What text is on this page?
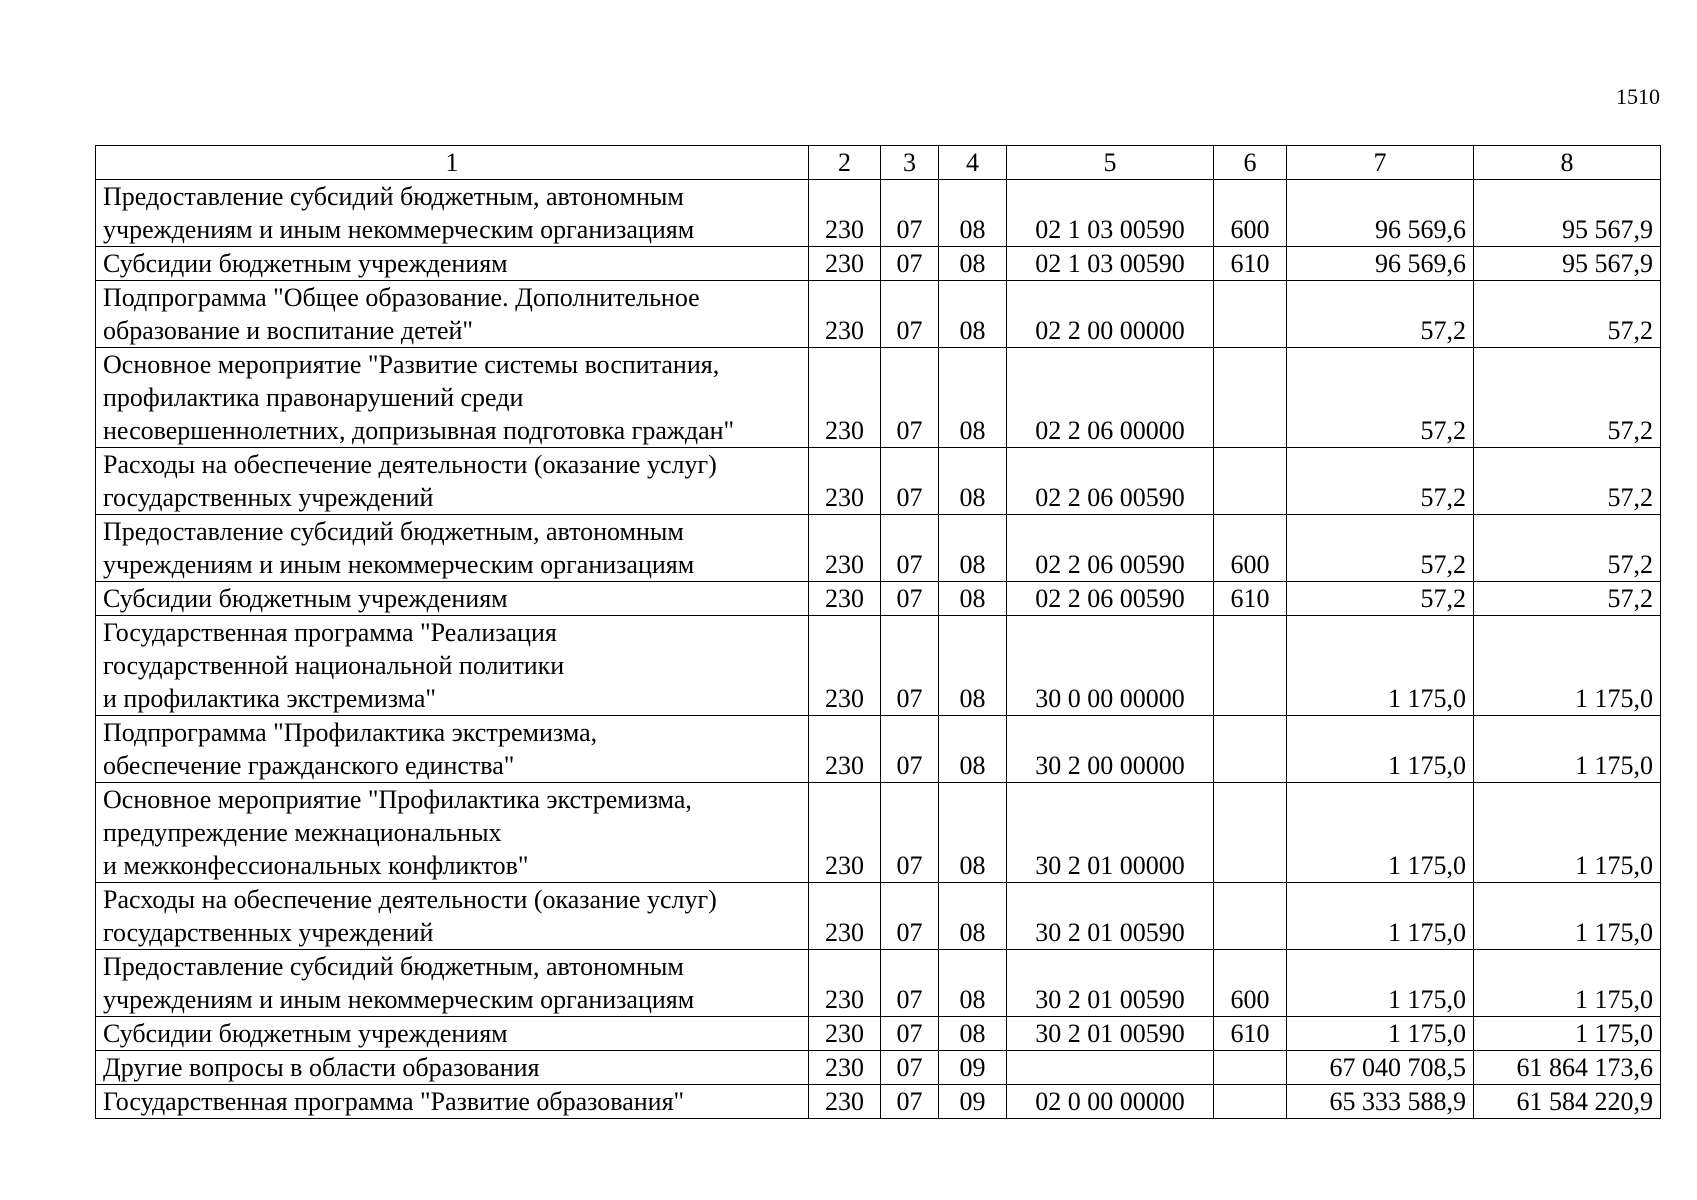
1510
1	2	3	4	5	6	7	8
Предоставление субсидий бюджетным, автономным
учреждениям и иным некоммерческим организациям	230	07	08	02 1 03 00590	600	96 569,6	95 567,9
Субсидии бюджетным учреждениям	230	07	08	02 1 03 00590	610	96 569,6	95 567,9
Подпрограмма "Общее образование. Дополнительное
образование и воспитание детей"	230	07	08	02 2 00 00000		57,2	57,2
Основное мероприятие "Развитие системы воспитания,
профилактика правонарушений среди
несовершеннолетних, допризывная подготовка граждан"	230	07	08	02 2 06 00000		57,2	57,2
Расходы на обеспечение деятельности (оказание услуг)
государственных учреждений	230	07	08	02 2 06 00590		57,2	57,2
Предоставление субсидий бюджетным, автономным
учреждениям и иным некоммерческим организациям	230	07	08	02 2 06 00590	600	57,2	57,2
Субсидии бюджетным учреждениям	230	07	08	02 2 06 00590	610	57,2	57,2
Государственная программа "Реализация
государственной национальной политики
и профилактика экстремизма"	230	07	08	30 0 00 00000		1 175,0	1 175,0
Подпрограмма "Профилактика экстремизма,
обеспечение гражданского единства"	230	07	08	30 2 00 00000		1 175,0	1 175,0
Основное мероприятие "Профилактика экстремизма,
предупреждение межнациональных
и межконфессиональных конфликтов"	230	07	08	30 2 01 00000		1 175,0	1 175,0
Расходы на обеспечение деятельности (оказание услуг)
государственных учреждений	230	07	08	30 2 01 00590		1 175,0	1 175,0
Предоставление субсидий бюджетным, автономным
учреждениям и иным некоммерческим организациям	230	07	08	30 2 01 00590	600	1 175,0	1 175,0
Субсидии бюджетным учреждениям	230	07	08	30 2 01 00590	610	1 175,0	1 175,0
Другие вопросы в области образования	230	07	09			67 040 708,5	61 864 173,6
Государственная программа "Развитие образования"	230	07	09	02 0 00 00000		65 333 588,9	61 584 220,9
